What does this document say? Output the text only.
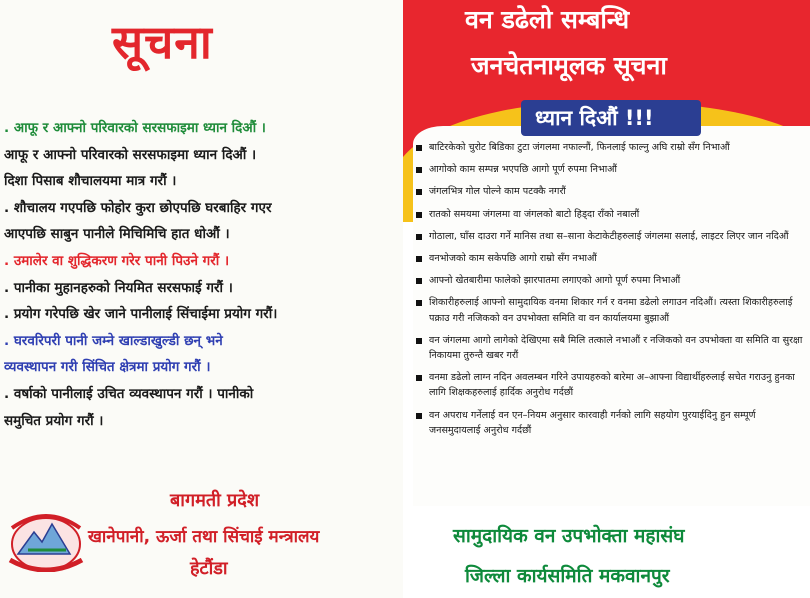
सूचना
. आफू र आफ्नो परिवारको सरसफाइमा ध्यान दिऔं ।
आफू र आफ्नो परिवारको सरसफाइमा ध्यान दिऔं ।
दिशा पिसाब शौचालयमा मात्र गरौं ।
. शौचालय गएपछि फोहोर कुरा छोएपछि घरबाहिर गएर
आएपछि साबुन पानीले मिचिमिचि हात धोऔं ।
. उमालेर वा शुद्धिकरण गरेर पानी पिउने गरौं ।
. पानीका मुहानहरुको नियमित सरसफाई गरौं ।
. प्रयोग गरेपछि खेर जाने पानीलाई सिंचाईमा प्रयोग गरौं।
. घरवरिपरी पानी जम्ने खाल्डाखुल्डी छन् भने
व्यवस्थापन गरी सिंचित क्षेत्रमा प्रयोग गरौं ।
. वर्षाको पानीलाई उचित व्यवस्थापन गरौं । पानीको
समुचित प्रयोग गरौं ।
बागमती प्रदेश
खानेपानी, ऊर्जा तथा सिंचाई मन्त्रालय
हेटौंडा
वन डढेलो सम्बन्धि
जनचेतनामूलक सूचना
ध्यान दिऔं !!!
बाटिरकेको चुरोट बिडिका टुटा जंगलमा नफाल्नौं, फिनलाई फाल्नु अघि राम्रो सँग निभाऔं
आगोको काम सम्पन्न भएपछि आगो पूर्ण रुपमा निभाऔं
जंगलभित्र गोल पोल्ने काम पटक्कै नगरौं
रातको समयमा जंगलमा वा जंगलको बाटो हिड्दा राँको नबालौं
गोठाला, घाँस दाउरा गर्ने मानिस तथा स–साना केटाकेटीहरुलाई जंगलमा सलाई, लाइटर लिएर जान नदिऔं
वनभोजको काम सकेपछि आगो राम्रो सँग नभाऔं
आफ्नो खेतबारीमा फालेको झारपातमा लगाएको आगो पूर्ण रुपमा निभाऔं
शिकारीहरुलाई आफ्नो सामुदायिक वनमा शिकार गर्न र वनमा डढेलो लगाउन नदिऔं। त्यस्ता शिकारीहरुलाई पक्राउ गरी नजिकको वन उपभोक्ता समिति वा वन कार्यालयमा बुझाऔं
वन जंगलमा आगो लागेको देखिएमा सबै मिलि तत्काले नभाऔं र नजिकको वन उपभोक्ता वा समिति वा सुरक्षा निकायमा तुरुन्तै खबर गरौं
वनमा डढेलो लाग्न नदिन अवलम्बन गरिने उपायहरुको बारेमा अ–आफ्ना विद्यार्थीहरुलाई सचेत गराउनु हुनका लागि शिक्षकहरुलाई हार्दिक अनुरोध गर्दछौं
वन अपराध गर्नेलाई वन एन–नियम अनुसार कारवाही गर्नको लागि सहयोग पुरयाईदिनु हुन सम्पूर्ण जनसमुदायलाई अनुरोध गर्दछौं
सामुदायिक वन उपभोक्ता महासंघ
जिल्ला कार्यसमिति मकवानपुर
